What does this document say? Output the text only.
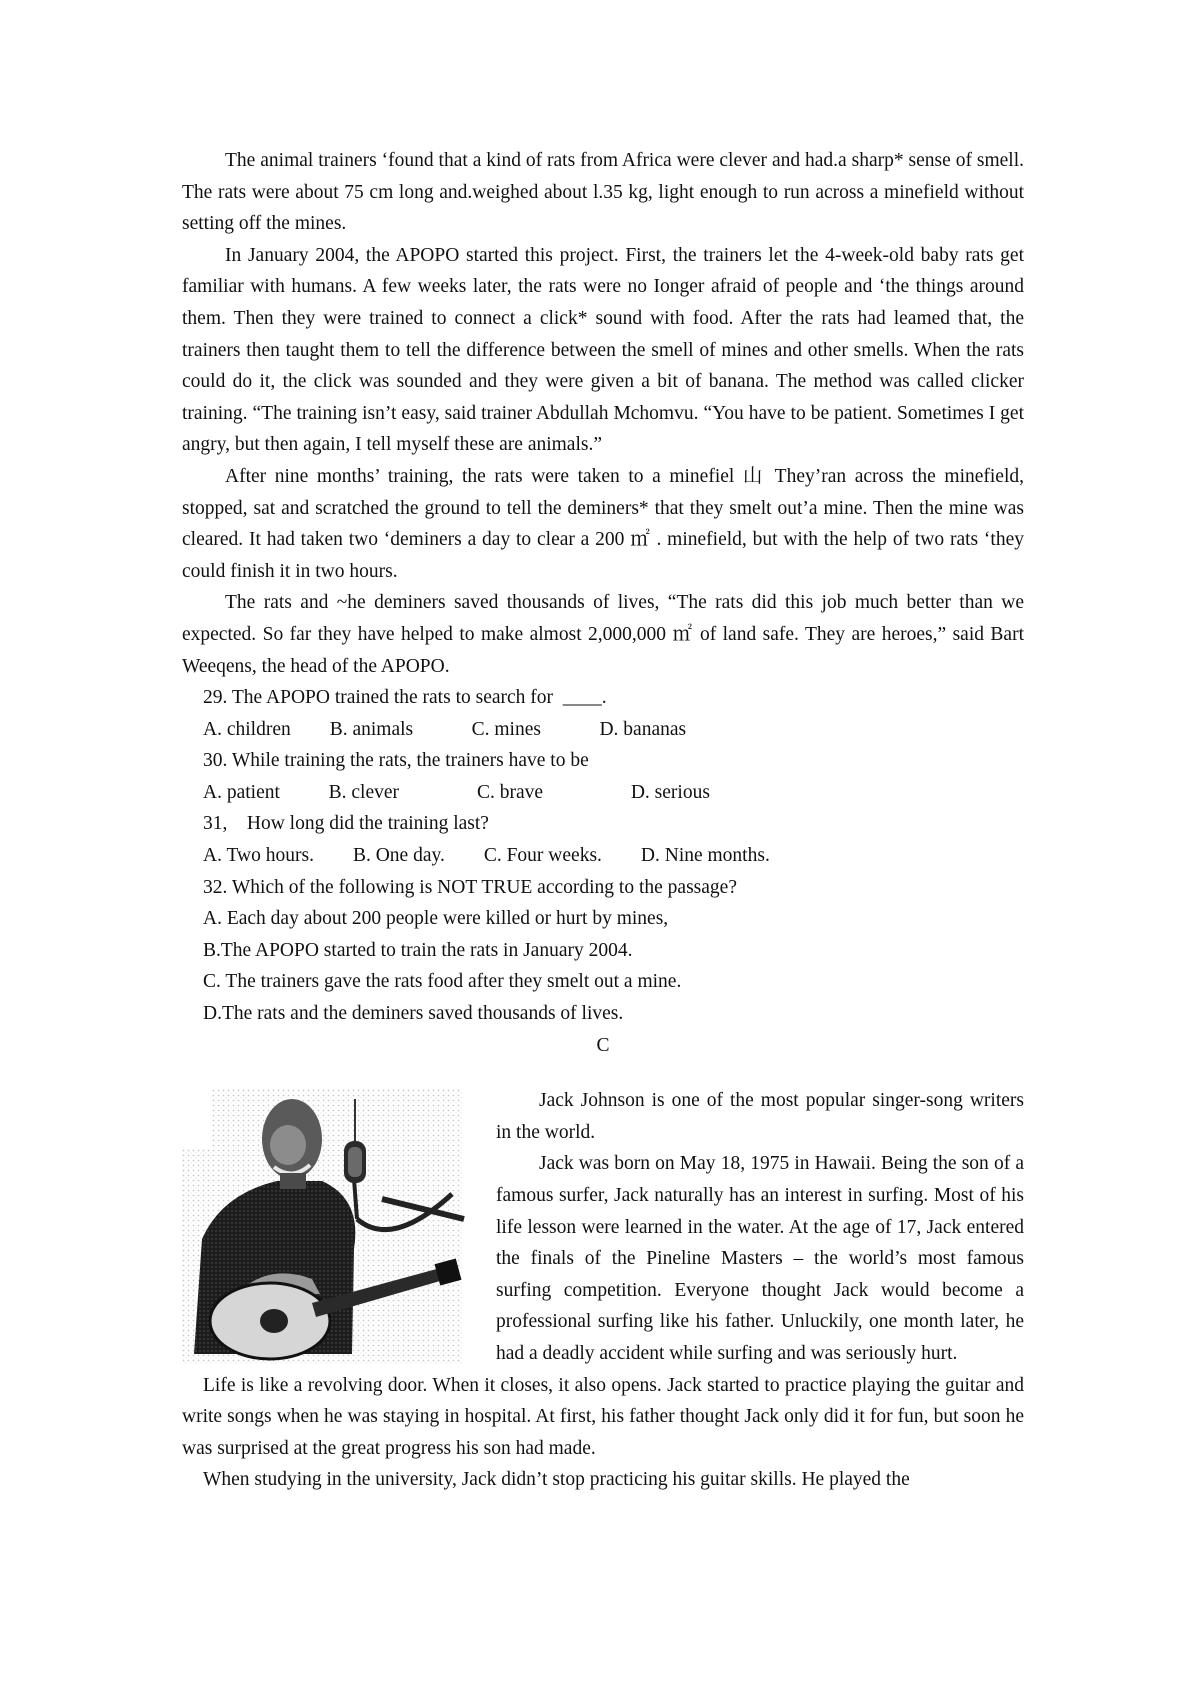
The animal trainers ‘found that a kind of rats from Africa were clever and had.a sharp* sense of smell. The rats were about 75 cm long and.weighed about l.35 kg, light enough to run across a minefield without setting off the mines.

In January 2004, the APOPO started this project. First, the trainers let the 4-week-old baby rats get familiar with humans. A few weeks later, the rats were no Ionger afraid of people and ‘the things around them. Then they were trained to connect a click* sound with food. After the rats had leamed that, the trainers then taught them to tell the difference between the smell of mines and other smells. When the rats could do it, the click was sounded and they were given a bit of banana. The method was called clicker training. “The training isn’t easy, said trainer Abdullah Mchomvu. “You have to be patient. Sometimes I get angry, but then again, I tell myself these are animals.”

After nine months’ training, the rats were taken to a minefiel 山 They’ran across the minefield, stopped, sat and scratched the ground to tell the deminers* that they smelt out’a mine. Then the mine was cleared. It had taken two ‘deminers a day to clear a 200 ㎡ . minefield, but with the help of two rats ‘they could finish it in two hours.

The rats and ~he deminers saved thousands of lives, “The rats did this job much better than we expected. So far they have helped to make almost 2,000,000 ㎡ of land safe. They are heroes,” said Bart Weeqens, the head of the APOPO.

29. The APOPO trained the rats to search for  ____.

A. children        B. animals            C. mines            D. bananas

30. While training the rats, the trainers have to be

A. patient          B. clever                C. brave                  D. serious

31,    How long did the training last?

A. Two hours.        B. One day.        C. Four weeks.        D. Nine months.

32. Which of the following is NOT TRUE according to the passage?

A. Each day about 200 people were killed or hurt by mines,

B.The APOPO started to train the rats in January 2004.

C. The trainers gave the rats food after they smelt out a mine.

D.The rats and the deminers saved thousands of lives.

C

Jack Johnson is one of the most popular singer-song writers in the world.

Jack was born on May 18, 1975 in Hawaii. Being the son of a famous surfer, Jack naturally has an interest in surfing. Most of his life lesson were learned in the water. At the age of 17, Jack entered the finals of the Pineline Masters – the world’s most famous surfing competition. Everyone thought Jack would become a professional surfing like his father. Unluckily, one month later, he had a deadly accident while surfing and was seriously hurt.

Life is like a revolving door. When it closes, it also opens. Jack started to practice playing the guitar and write songs when he was staying in hospital. At first, his father thought Jack only did it for fun, but soon he was surprised at the great progress his son had made.

When studying in the university, Jack didn’t stop practicing his guitar skills. He played the
